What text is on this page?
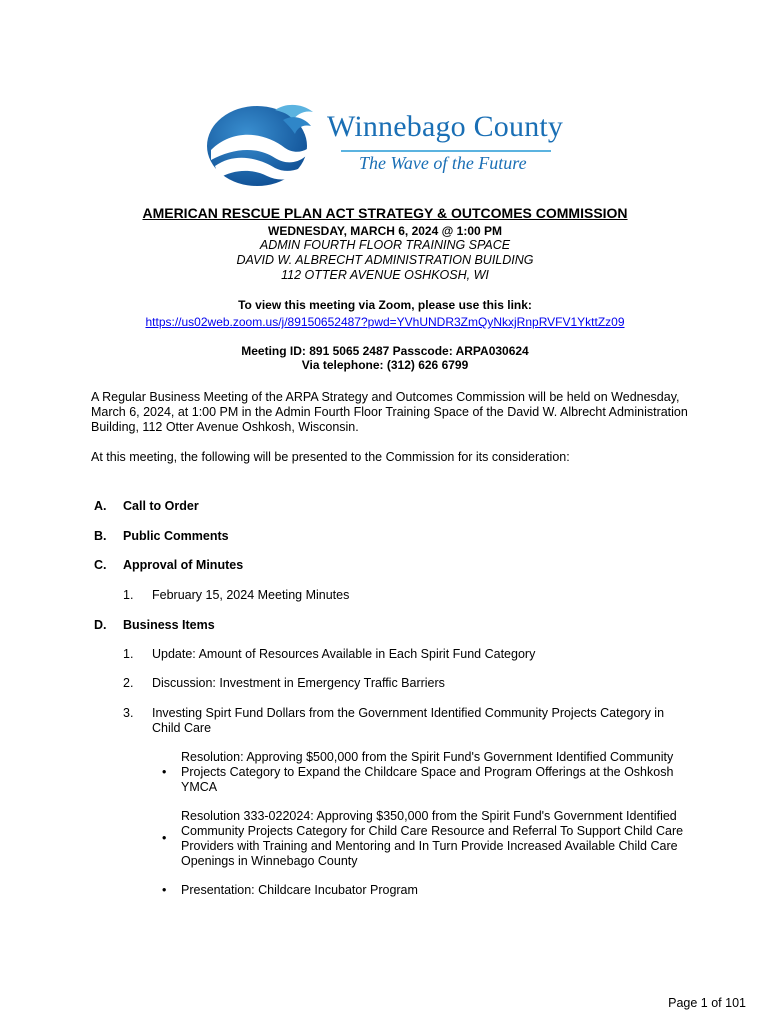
Winnebago County
The Wave of the Future
AMERICAN RESCUE PLAN ACT STRATEGY & OUTCOMES COMMISSION
WEDNESDAY, MARCH 6, 2024 @ 1:00 PM
ADMIN FOURTH FLOOR TRAINING SPACE
DAVID W. ALBRECHT ADMINISTRATION BUILDING
112 OTTER AVENUE OSHKOSH, WI
To view this meeting via Zoom, please use this link:
https://us02web.zoom.us/j/89150652487?pwd=YVhUNDR3ZmQyNkxjRnpRVFV1YkttZz09
Meeting ID: 891 5065 2487 Passcode: ARPA030624
Via telephone: (312) 626 6799
A Regular Business Meeting of the ARPA Strategy and Outcomes Commission will be held on Wednesday, March 6, 2024, at 1:00 PM in the Admin Fourth Floor Training Space of the David W. Albrecht Administration Building, 112 Otter Avenue Oshkosh, Wisconsin.
At this meeting, the following will be presented to the Commission for its consideration:
A. Call to Order
B. Public Comments
C. Approval of Minutes
1. February 15, 2024 Meeting Minutes
D. Business Items
1. Update: Amount of Resources Available in Each Spirit Fund Category
2. Discussion: Investment in Emergency Traffic Barriers
3. Investing Spirt Fund Dollars from the Government Identified Community Projects Category in Child Care
•
Resolution: Approving $500,000 from the Spirit Fund's Government Identified Community Projects Category to Expand the Childcare Space and Program Offerings at the Oshkosh YMCA
•
Resolution 333-022024: Approving $350,000 from the Spirit Fund's Government Identified Community Projects Category for Child Care Resource and Referral To Support Child Care Providers with Training and Mentoring and In Turn Provide Increased Available Child Care Openings in Winnebago County
• Presentation: Childcare Incubator Program
Page 1 of 101
